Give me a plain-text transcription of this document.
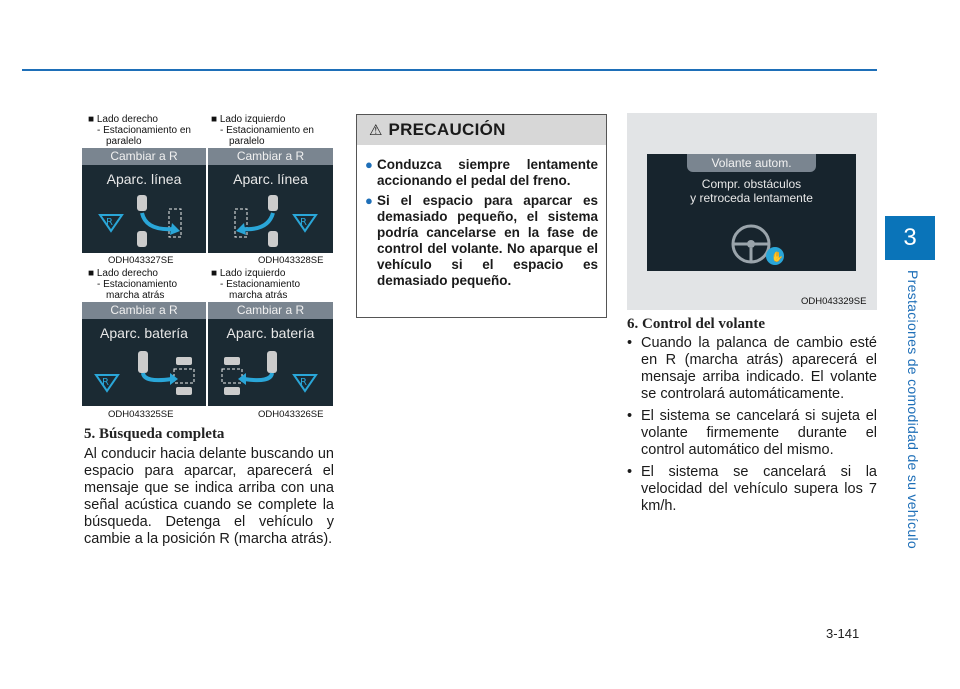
3
Prestaciones de comodidad de su vehículo
■ Lado derecho
- Estacionamiento en
paralelo
Cambiar a R
Aparc. línea
R
ODH043327SE
■ Lado izquierdo
- Estacionamiento en
paralelo
Cambiar a R
Aparc. línea
R
ODH043328SE
■ Lado derecho
- Estacionamiento
marcha atrás
Cambiar a R
Aparc. batería
R
ODH043325SE
■ Lado izquierdo
- Estacionamiento
marcha atrás
Cambiar a R
Aparc. batería
R
ODH043326SE
5. Búsqueda completa
Al conducir hacia delante buscando un espacio para aparcar, aparecerá el mensaje que se indica arriba con una señal acústica cuando se complete la búsqueda. Detenga el vehículo y cambie a la posición R (marcha atrás).
⚠ PRECAUCIÓN
● Conduzca siempre lentamente accionando el pedal del freno.
● Si el espacio para aparcar es demasiado pequeño, el sistema podría cancelarse en la fase de control del volante. No aparque el vehículo si el espacio es demasiado pequeño.
Volante autom.
Compr. obstáculos
y retroceda lentamente
✋
ODH043329SE
6. Control del volante
• Cuando la palanca de cambio esté en R (marcha atrás) aparecerá el mensaje arriba indicado. El volante se controlará automáticamente.
• El sistema se cancelará si sujeta el volante firmemente durante el control automático del mismo.
• El sistema se cancelará si la velocidad del vehículo supera los 7 km/h.
3-141
